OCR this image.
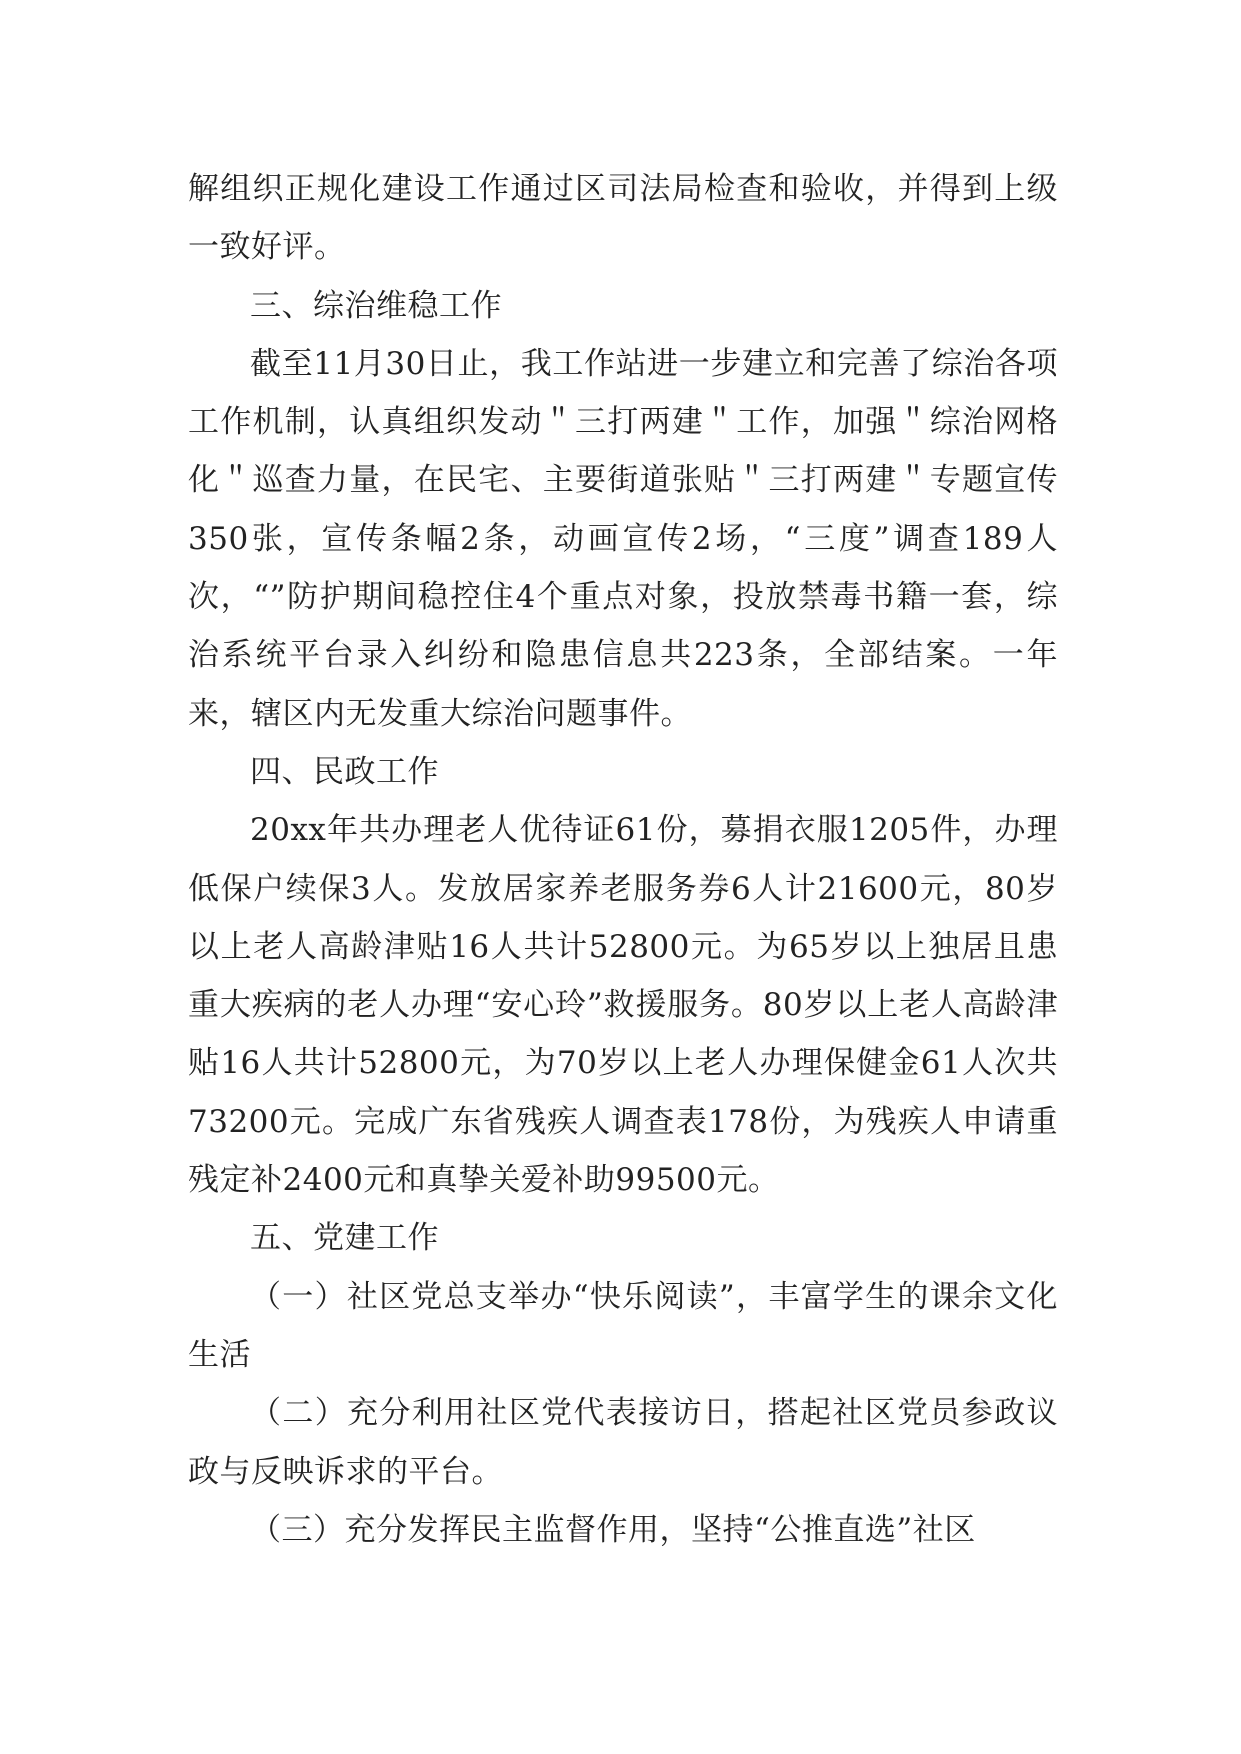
解组织正规化建设工作通过区司法局检查和验收，并得到上级一致好评。

三、综治维稳工作

截至11月30日止，我工作站进一步建立和完善了综治各项工作机制，认真组织发动＂三打两建＂工作，加强＂综治网格化＂巡查力量，在民宅、主要街道张贴＂三打两建＂专题宣传350张，宣传条幅2条，动画宣传2场，“三度”调查189人次，“”防护期间稳控住4个重点对象，投放禁毒书籍一套，综治系统平台录入纠纷和隐患信息共223条，全部结案。一年来，辖区内无发重大综治问题事件。

四、民政工作

20xx年共办理老人优待证61份，募捐衣服1205件，办理低保户续保3人。发放居家养老服务券6人计21600元，80岁以上老人高龄津贴16人共计52800元。为65岁以上独居且患重大疾病的老人办理“安心玲”救援服务。80岁以上老人高龄津贴16人共计52800元，为70岁以上老人办理保健金61人次共73200元。完成广东省残疾人调查表178份，为残疾人申请重残定补2400元和真挚关爱补助99500元。

五、党建工作

（一）社区党总支举办“快乐阅读”，丰富学生的课余文化生活

（二）充分利用社区党代表接访日，搭起社区党员参政议政与反映诉求的平台。

（三）充分发挥民主监督作用，坚持“公推直选”社区
